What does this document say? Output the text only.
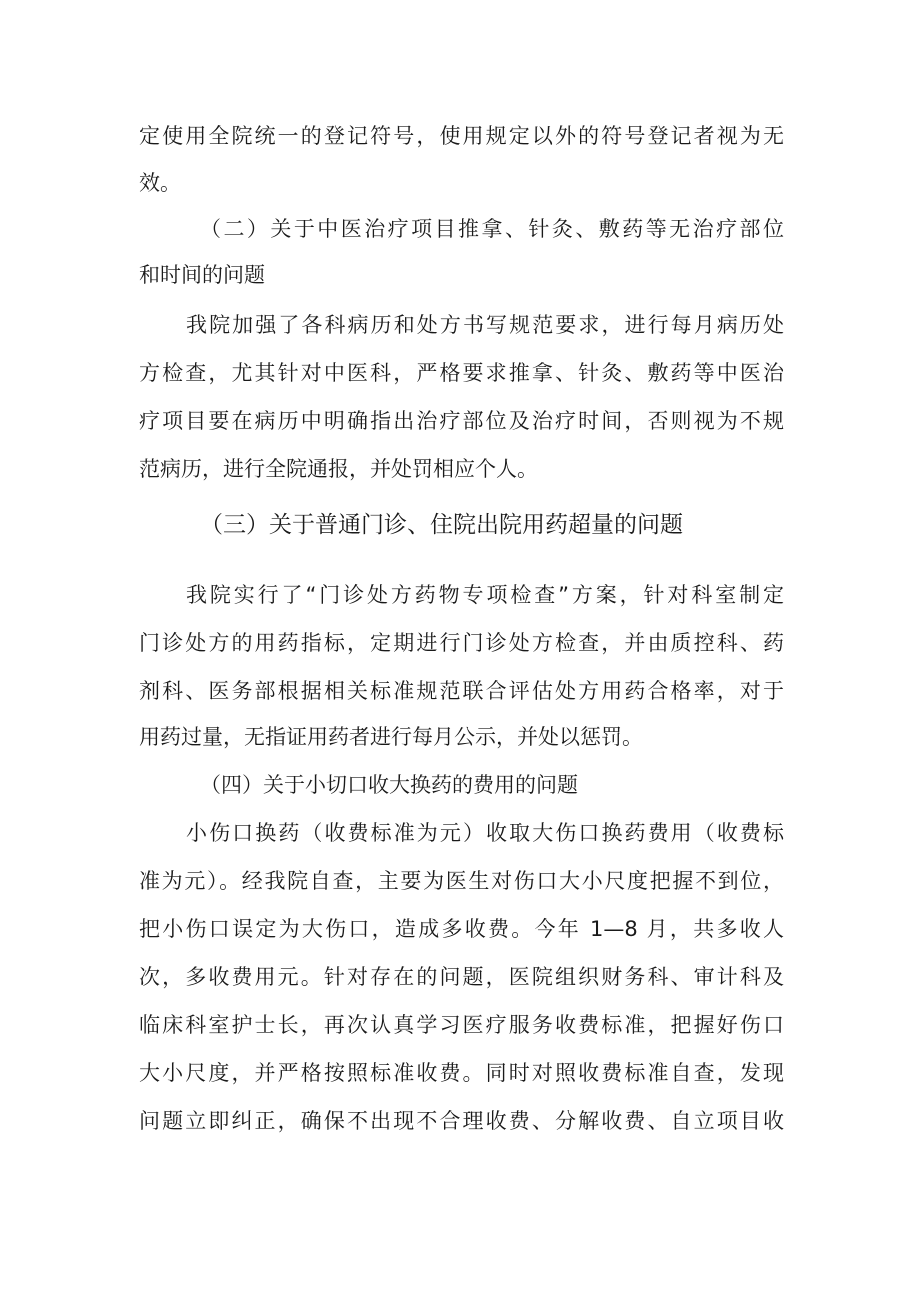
定使用全院统一的登记符号，使用规定以外的符号登记者视为无
效。
（二）关于中医治疗项目推拿、针灸、敷药等无治疗部位
和时间的问题
我院加强了各科病历和处方书写规范要求，进行每月病历处
方检查，尤其针对中医科，严格要求推拿、针灸、敷药等中医治
疗项目要在病历中明确指出治疗部位及治疗时间，否则视为不规
范病历，进行全院通报，并处罚相应个人。
（三）关于普通门诊、住院出院用药超量的问题
我院实行了“门诊处方药物专项检查”方案，针对科室制定
门诊处方的用药指标，定期进行门诊处方检查，并由质控科、药
剂科、医务部根据相关标准规范联合评估处方用药合格率，对于
用药过量，无指证用药者进行每月公示，并处以惩罚。
（四）关于小切口收大换药的费用的问题
小伤口换药（收费标准为元）收取大伤口换药费用（收费标
准为元）。经我院自查，主要为医生对伤口大小尺度把握不到位，
把小伤口误定为大伤口，造成多收费。今年 1—8 月，共多收人
次，多收费用元。针对存在的问题，医院组织财务科、审计科及
临床科室护士长，再次认真学习医疗服务收费标准，把握好伤口
大小尺度，并严格按照标准收费。同时对照收费标准自查，发现
问题立即纠正，确保不出现不合理收费、分解收费、自立项目收
